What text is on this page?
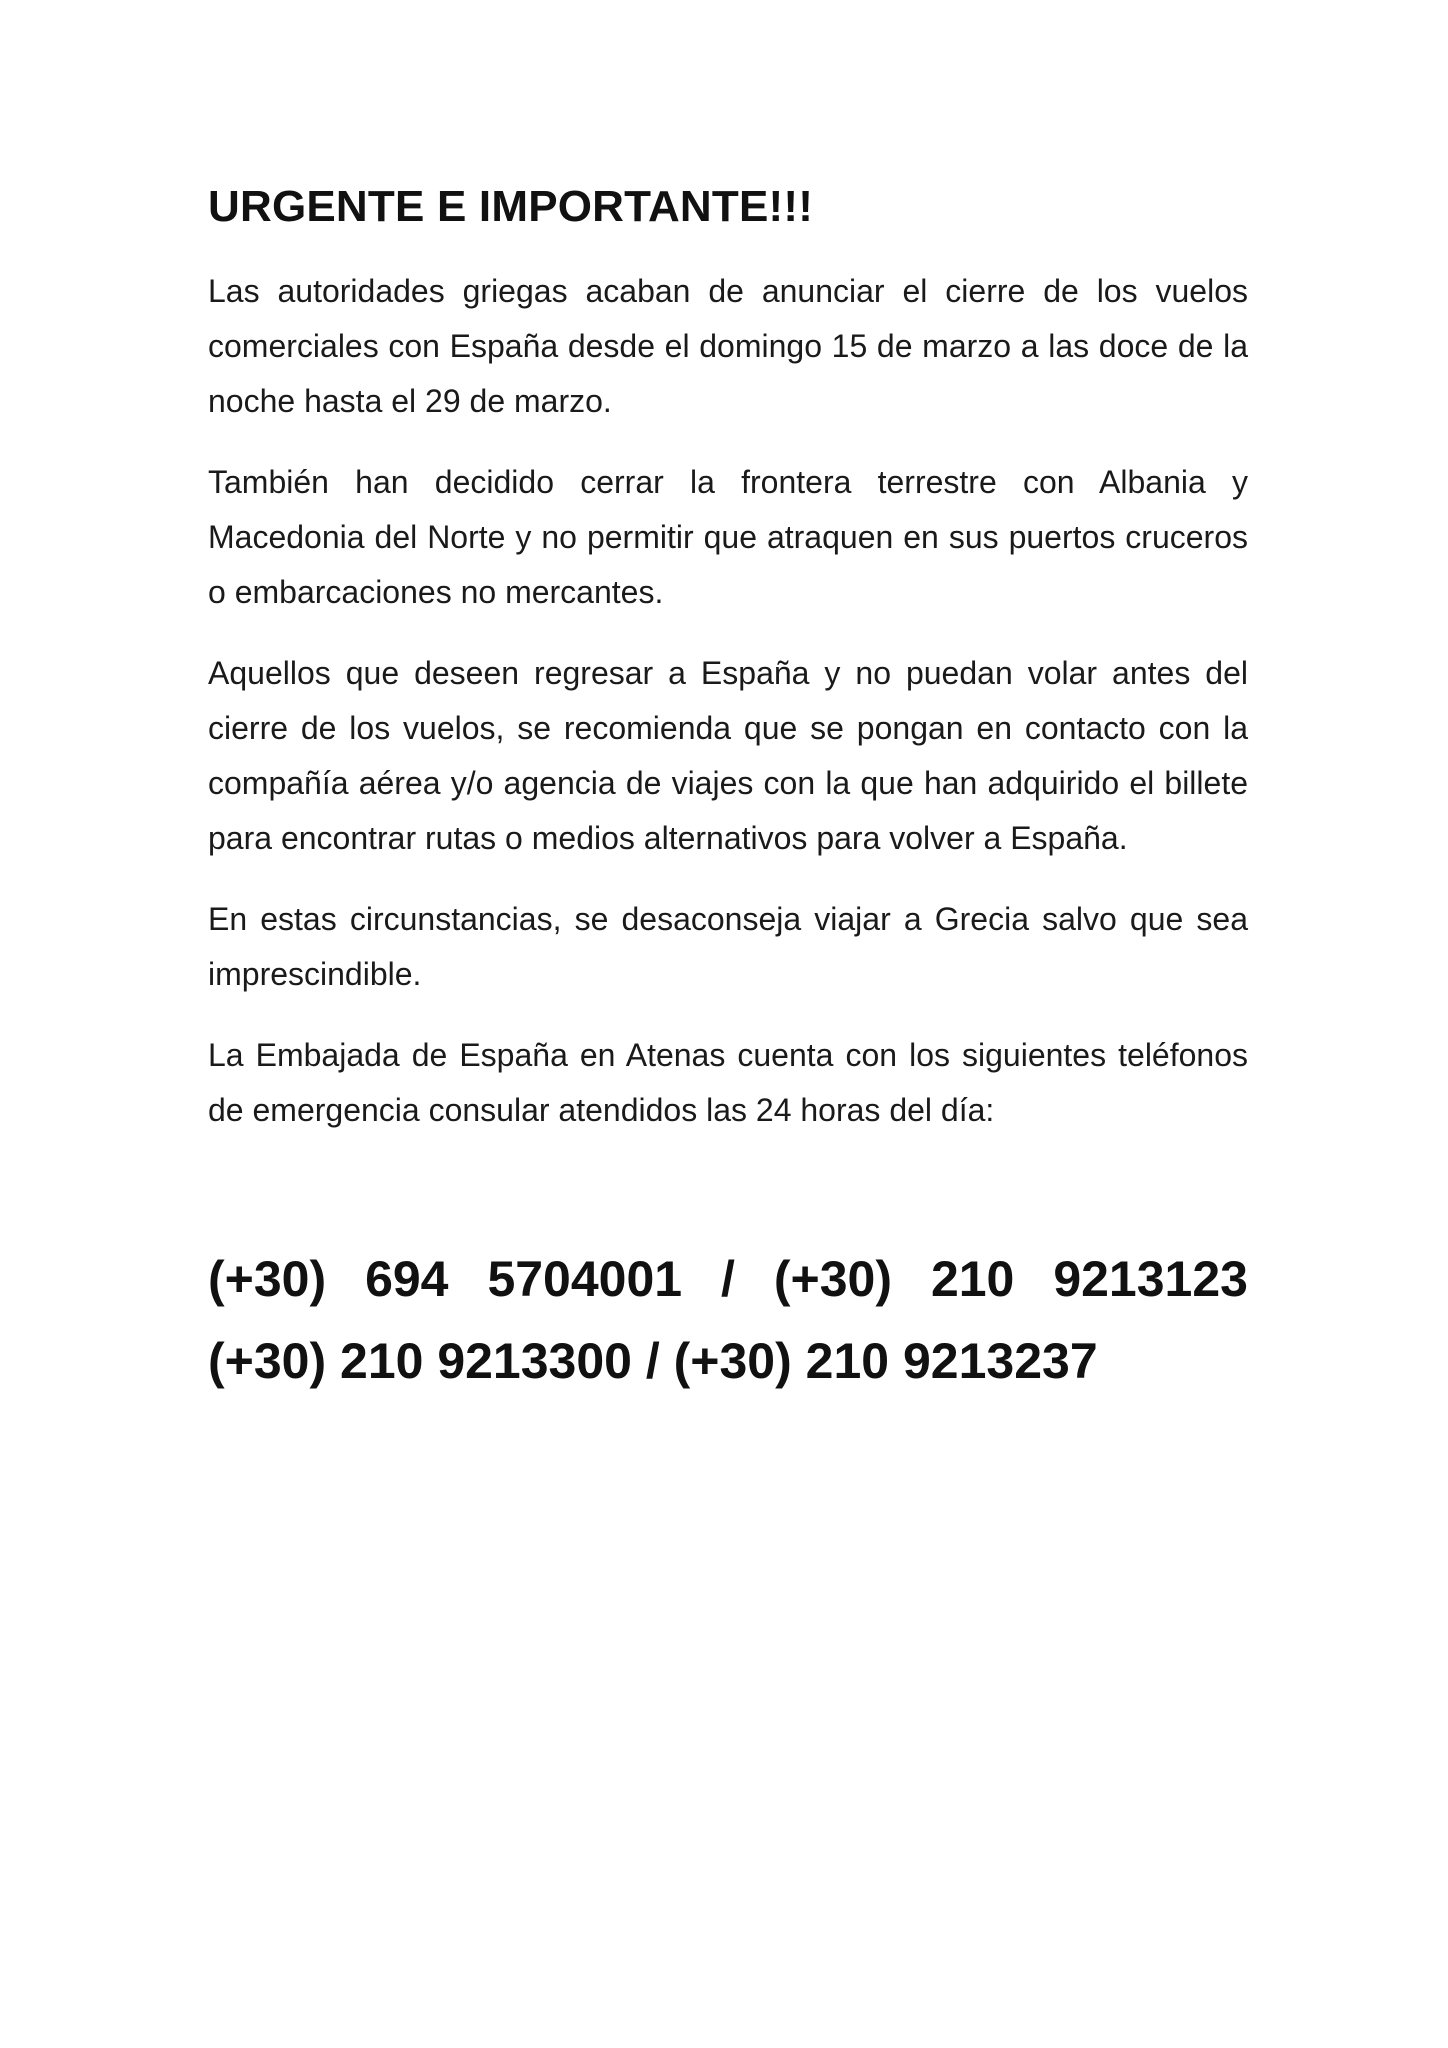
URGENTE E IMPORTANTE!!!

Las autoridades griegas acaban de anunciar el cierre de los vuelos comerciales con España desde el domingo 15 de marzo a las doce de la noche hasta el 29 de marzo.

También han decidido cerrar la frontera terrestre con Albania y Macedonia del Norte y no permitir que atraquen en sus puertos cruceros o embarcaciones no mercantes.

Aquellos que deseen regresar a España y no puedan volar antes del cierre de los vuelos, se recomienda que se pongan en contacto con la compañía aérea y/o agencia de viajes con la que han adquirido el billete para encontrar rutas o medios alternativos para volver a España.

En estas circunstancias, se desaconseja viajar a Grecia salvo que sea imprescindible.

La Embajada de España en Atenas cuenta con los siguientes teléfonos de emergencia consular atendidos las 24 horas del día:

(+30) 694 5704001 / (+30) 210 9213123

(+30) 210 9213300 / (+30) 210 9213237
